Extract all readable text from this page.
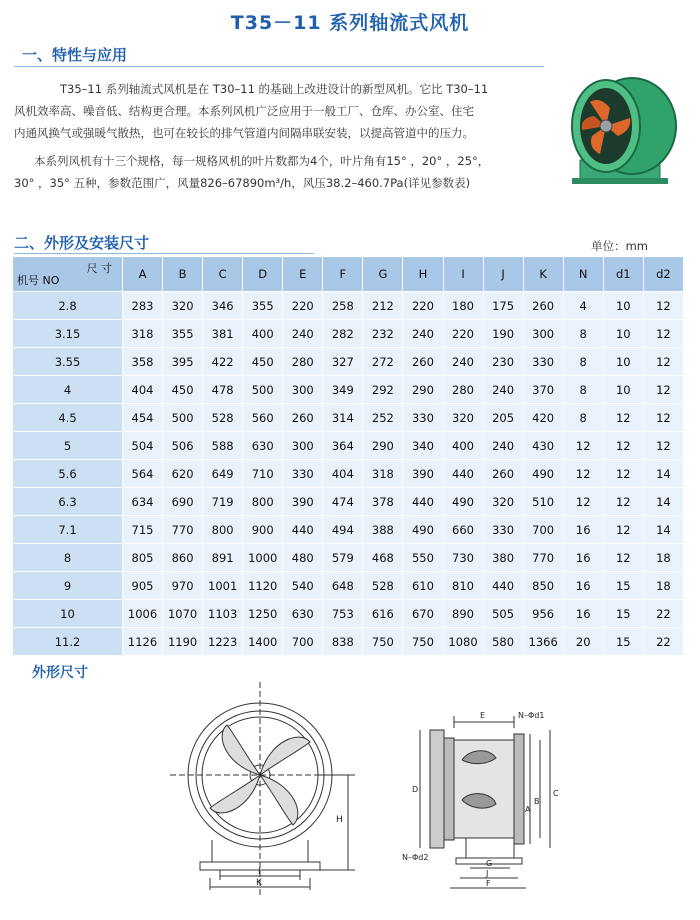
T35－11 系列轴流式风机
一、特性与应用
T35–11 系列轴流式风机是在 T30–11 的基础上改进设计的新型风机。它比 T30–11
风机效率高、噪音低、结构更合理。本系列风机广泛应用于一般工厂、仓库、办公室、住宅
内通风换气或强暖气散热，也可在较长的排气管道内间隔串联安装，以提高管道中的压力。
本系列风机有十三个规格，每一规格风机的叶片数都为4个，叶片角有15° ，20° ，25°，
30° ，35° 五种，参数范围广，风量826–67890m³/h，风压38.2–460.7Pa(详见参数表)
二、外形及安装尺寸	单位：mm
尺 寸
机号 NO	A	B	C	D	E	F	G	H	I	J	K	N	d1	d2
2.8	283	320	346	355	220	258	212	220	180	175	260	4	10	12
3.15	318	355	381	400	240	282	232	240	220	190	300	8	10	12
3.55	358	395	422	450	280	327	272	260	240	230	330	8	10	12
4	404	450	478	500	300	349	292	290	280	240	370	8	10	12
4.5	454	500	528	560	260	314	252	330	320	205	420	8	12	12
5	504	506	588	630	300	364	290	340	400	240	430	12	12	12
5.6	564	620	649	710	330	404	318	390	440	260	490	12	12	14
6.3	634	690	719	800	390	474	378	440	490	320	510	12	12	14
7.1	715	770	800	900	440	494	388	490	660	330	700	16	12	14
8	805	860	891	1000	480	579	468	550	730	380	770	16	12	18
9	905	970	1001	1120	540	648	528	610	810	440	850	16	15	18
10	1006	1070	1103	1250	630	753	616	670	890	505	956	16	15	22
11.2	1126	1190	1223	1400	700	838	750	750	1080	580	1366	20	15	22
外形尺寸
H
I
K
E	N–Φd1
D
A
B
C
N–Φd2
G
J
F
